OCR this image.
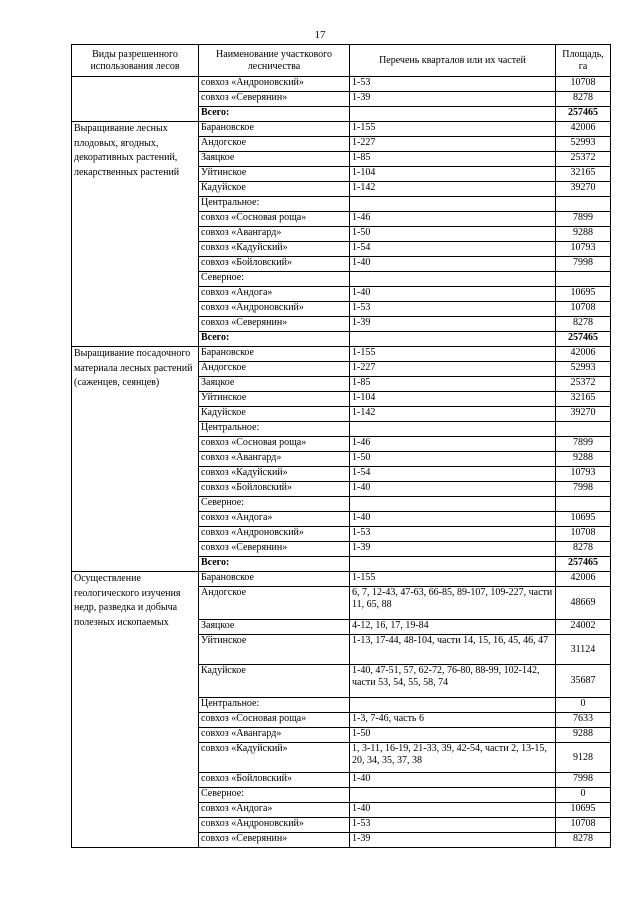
17
Виды разрешенного использования лесов	Наименование участкового лесничества	Перечень кварталов или их частей	Площадь, га
	совхоз «Андроновский»	1-53	10708
	совхоз «Северянин»	1-39	8278
	Всего:		257465
Выращивание лесных плодовых, ягодных, декоративных растений, лекарственных растений	Барановское	1-155	42006
	Андогское	1-227	52993
	Заяцкое	1-85	25372
	Уйтинское	1-104	32165
	Кадуйское	1-142	39270
	Центральное:		
	совхоз «Сосновая роща»	1-46	7899
	совхоз «Авангард»	1-50	9288
	совхоз «Кадуйский»	1-54	10793
	совхоз «Бойловский»	1-40	7998
	Северное:		
	совхоз «Андога»	1-40	10695
	совхоз «Андроновский»	1-53	10708
	совхоз «Северянин»	1-39	8278
	Всего:		257465
Выращивание посадочного материала лесных растений (саженцев, сеянцев)	Барановское	1-155	42006
	Андогское	1-227	52993
	Заяцкое	1-85	25372
	Уйтинское	1-104	32165
	Кадуйское	1-142	39270
	Центральное:		
	совхоз «Сосновая роща»	1-46	7899
	совхоз «Авангард»	1-50	9288
	совхоз «Кадуйский»	1-54	10793
	совхоз «Бойловский»	1-40	7998
	Северное:		
	совхоз «Андога»	1-40	10695
	совхоз «Андроновский»	1-53	10708
	совхоз «Северянин»	1-39	8278
	Всего:		257465
Осуществление геологического изучения недр, разведка и добыча полезных ископаемых	Барановское	1-155	42006
	Андогское	6, 7, 12-43, 47-63, 66-85, 89-107, 109-227, части 11, 65, 88	48669
	Заяцкое	4-12, 16, 17, 19-84	24002
	Уйтинское	1-13, 17-44, 48-104, части 14, 15, 16, 45, 46, 47	31124
	Кадуйское	1-40, 47-51, 57, 62-72, 76-80, 88-99, 102-142, части 53, 54, 55, 58, 74	35687
	Центральное:		0
	совхоз «Сосновая роща»	1-3, 7-46, часть 6	7633
	совхоз «Авангард»	1-50	9288
	совхоз «Кадуйский»	1, 3-11, 16-19, 21-33, 39, 42-54, части 2, 13-15, 20, 34, 35, 37, 38	9128
	совхоз «Бойловский»	1-40	7998
	Северное:		0
	совхоз «Андога»	1-40	10695
	совхоз «Андроновский»	1-53	10708
	совхоз «Северянин»	1-39	8278
